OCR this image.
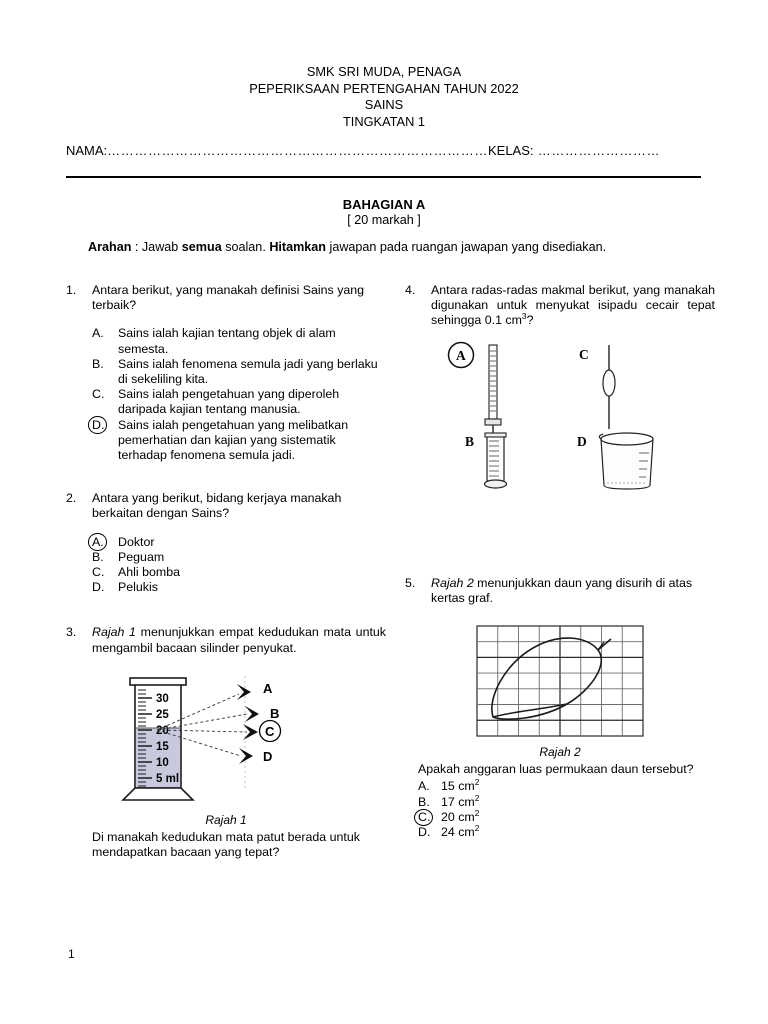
SMK SRI MUDA, PENAGA
PEPERIKSAAN PERTENGAHAN TAHUN 2022
SAINS
TINGKATAN 1
NAMA:…………………………………………………………………………KELAS: ………………………
BAHAGIAN A
[ 20 markah ]
Arahan : Jawab semua soalan. Hitamkan jawapan pada ruangan jawapan yang disediakan.
1.	Antara berikut, yang manakah definisi Sains yang terbaik?
A.	Sains ialah kajian tentang objek di alam semesta.
B.	Sains ialah fenomena semula jadi yang berlaku di sekeliling kita.
C.	Sains ialah pengetahuan yang diperoleh daripada kajian tentang manusia.
D.	Sains ialah pengetahuan yang melibatkan pemerhatian dan kajian yang sistematik terhadap fenomena semula jadi.
2.	Antara yang berikut, bidang kerjaya manakah berkaitan dengan Sains?
A.	Doktor
B.	Peguam
C.	Ahli bomba
D.	Pelukis
3.	Rajah 1 menunjukkan empat kedudukan mata untuk mengambil bacaan silinder penyukat.
30
25
20
15
10
5 ml
A
B
C
D
Rajah 1
Di manakah kedudukan mata patut berada untuk mendapatkan bacaan yang tepat?
4.	Antara radas-radas makmal berikut, yang manakah digunakan untuk menyukat isipadu cecair tepat sehingga 0.1 $cm^3$?
A	C
B	D
5.	Rajah 2 menunjukkan daun yang disurih di atas kertas graf.
Rajah 2
Apakah anggaran luas permukaan daun tersebut?
A. 15 $cm^2$
B. 17 $cm^2$
C. 20 $cm^2$
D. 24 $cm^2$
1
